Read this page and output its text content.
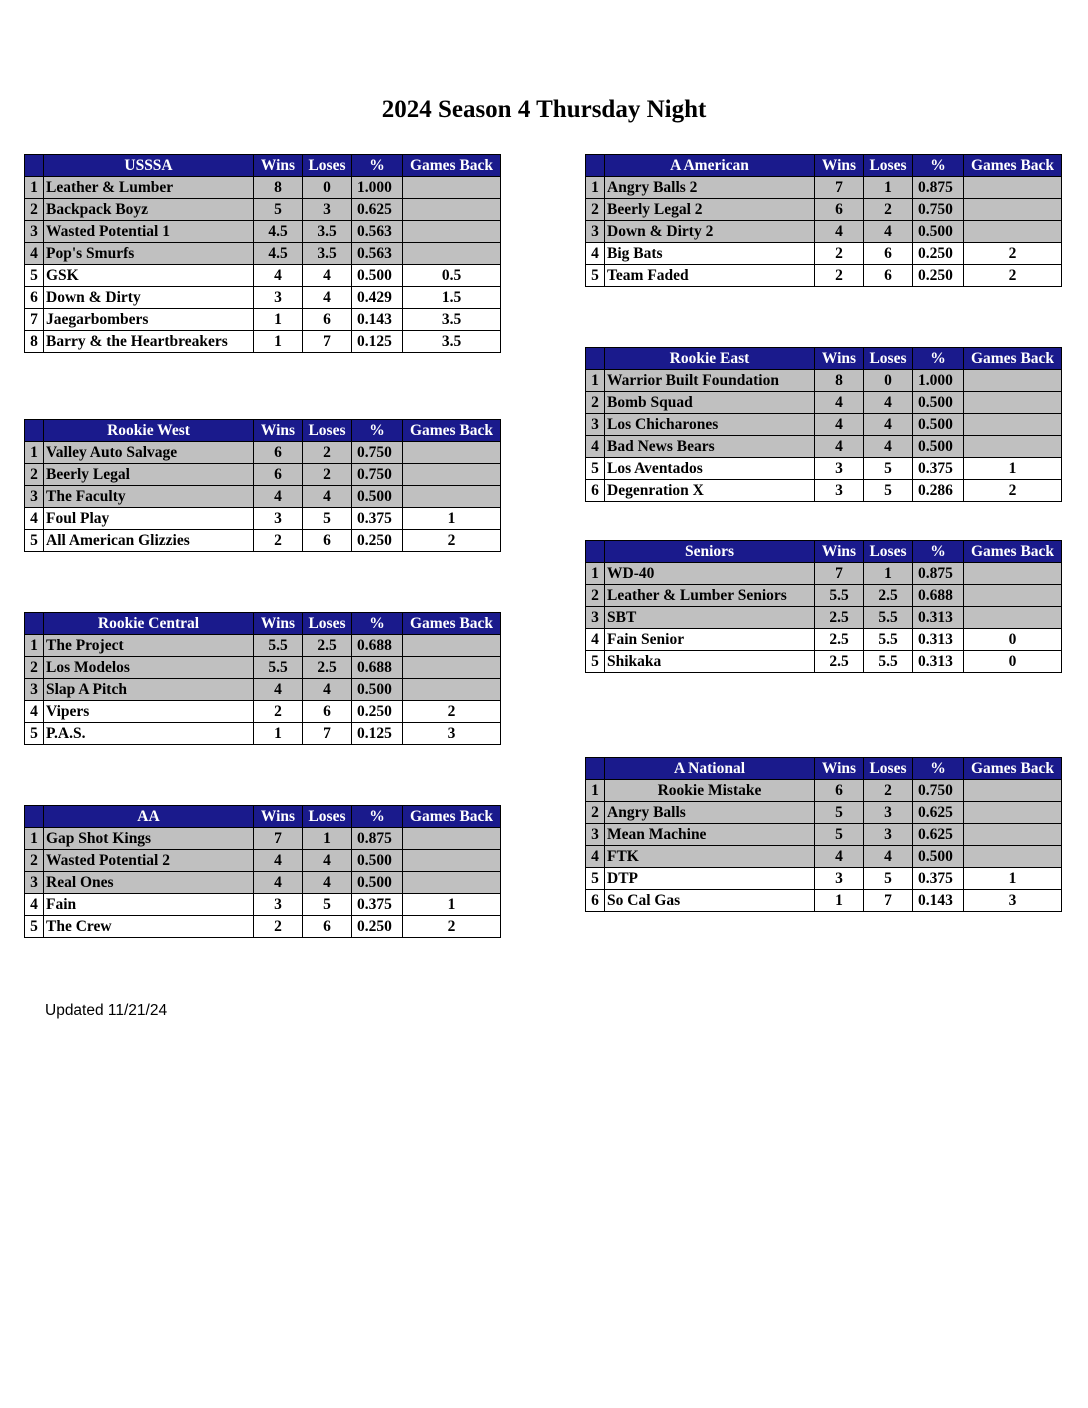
2024 Season 4 Thursday Night
	USSSA	Wins	Loses	%	Games Back
1	Leather & Lumber	8	0	1.000	
2	Backpack Boyz	5	3	0.625	
3	Wasted Potential 1	4.5	3.5	0.563	
4	Pop's Smurfs	4.5	3.5	0.563	
5	GSK	4	4	0.500	0.5
6	Down & Dirty	3	4	0.429	1.5
7	Jaegarbombers	1	6	0.143	3.5
8	Barry & the Heartbreakers	1	7	0.125	3.5
	Rookie West	Wins	Loses	%	Games Back
1	Valley Auto Salvage	6	2	0.750	
2	Beerly Legal	6	2	0.750	
3	The Faculty	4	4	0.500	
4	Foul Play	3	5	0.375	1
5	All American Glizzies	2	6	0.250	2
	Rookie Central	Wins	Loses	%	Games Back
1	The Project	5.5	2.5	0.688	
2	Los Modelos	5.5	2.5	0.688	
3	Slap A Pitch	4	4	0.500	
4	Vipers	2	6	0.250	2
5	P.A.S.	1	7	0.125	3
	AA	Wins	Loses	%	Games Back
1	Gap Shot Kings	7	1	0.875	
2	Wasted Potential 2	4	4	0.500	
3	Real Ones	4	4	0.500	
4	Fain	3	5	0.375	1
5	The Crew	2	6	0.250	2
	A American	Wins	Loses	%	Games Back
1	Angry Balls 2	7	1	0.875	
2	Beerly Legal 2	6	2	0.750	
3	Down & Dirty 2	4	4	0.500	
4	Big Bats	2	6	0.250	2
5	Team Faded	2	6	0.250	2
	Rookie East	Wins	Loses	%	Games Back
1	Warrior Built Foundation	8	0	1.000	
2	Bomb Squad	4	4	0.500	
3	Los Chicharones	4	4	0.500	
4	Bad News Bears	4	4	0.500	
5	Los Aventados	3	5	0.375	1
6	Degenration X	3	5	0.286	2
	Seniors	Wins	Loses	%	Games Back
1	WD-40	7	1	0.875	
2	Leather & Lumber Seniors	5.5	2.5	0.688	
3	SBT	2.5	5.5	0.313	
4	Fain Senior	2.5	5.5	0.313	0
5	Shikaka	2.5	5.5	0.313	0
	A National	Wins	Loses	%	Games Back
1	Rookie Mistake	6	2	0.750	
2	Angry Balls	5	3	0.625	
3	Mean Machine	5	3	0.625	
4	FTK	4	4	0.500	
5	DTP	3	5	0.375	1
6	So Cal Gas	1	7	0.143	3
Updated 11/21/24
